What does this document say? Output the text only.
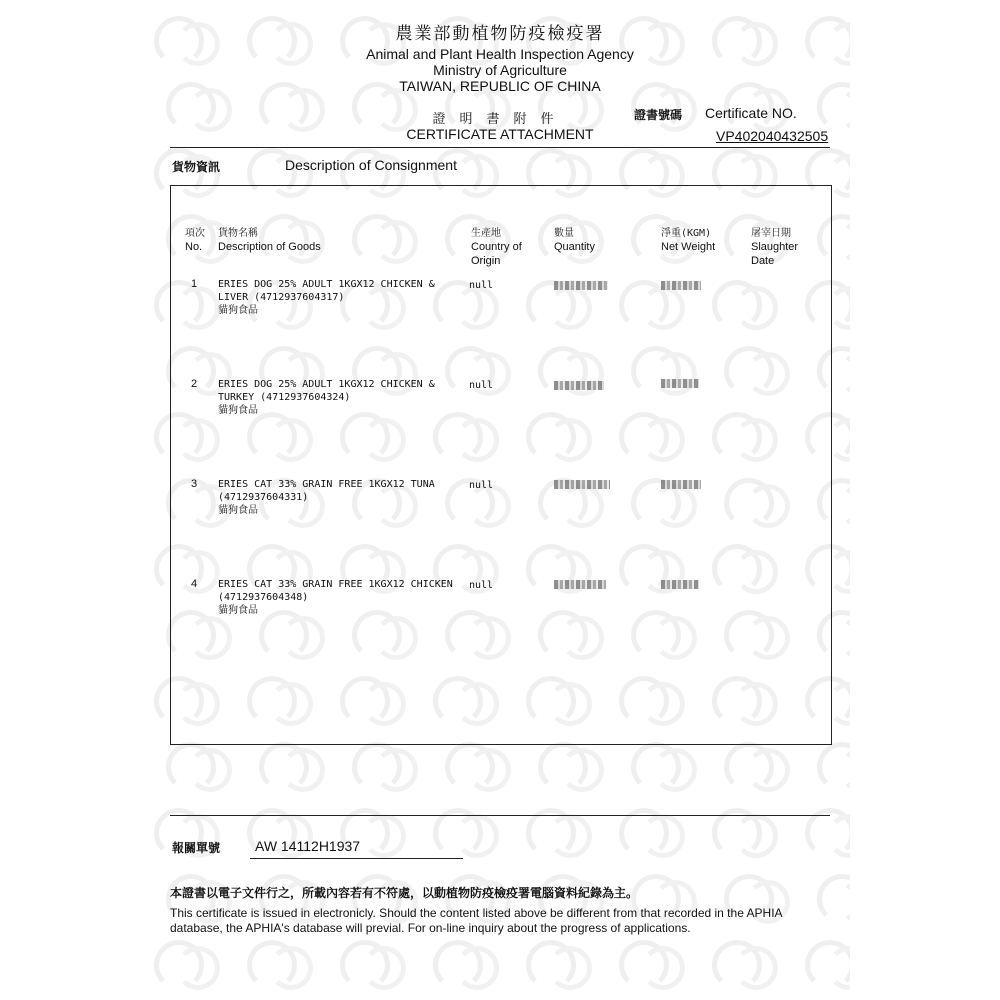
農業部動植物防疫檢疫署
Animal and Plant Health Inspection Agency
Ministry of Agriculture
TAIWAN, REPUBLIC OF CHINA
證明書附件
CERTIFICATE ATTACHMENT
證書號碼 Certificate NO.
VP402040432505
貨物資訊	Description of Consignment
項次
No.
貨物名稱
Description of Goods
生產地
Country of Origin
數量
Quantity
淨重(KGM)
Net Weight
屠宰日期
Slaughter Date
1 ERIES DOG 25% ADULT 1KGX12 CHICKEN & LIVER (4712937604317)
貓狗食品
null
2 ERIES DOG 25% ADULT 1KGX12 CHICKEN & TURKEY (4712937604324)
貓狗食品
null
3 ERIES CAT 33% GRAIN FREE 1KGX12 TUNA (4712937604331)
貓狗食品
null
4 ERIES CAT 33% GRAIN FREE 1KGX12 CHICKEN (4712937604348)
貓狗食品
null
報關單號 AW 14112H1937
本證書以電子文件行之，所載內容若有不符處，以動植物防疫檢疫署電腦資料紀錄為主。
This certificate is issued in electronicly. Should the content listed above be different from that recorded in the APHIA database, the APHIA's database will previal. For on-line inquiry about the progress of applications.
